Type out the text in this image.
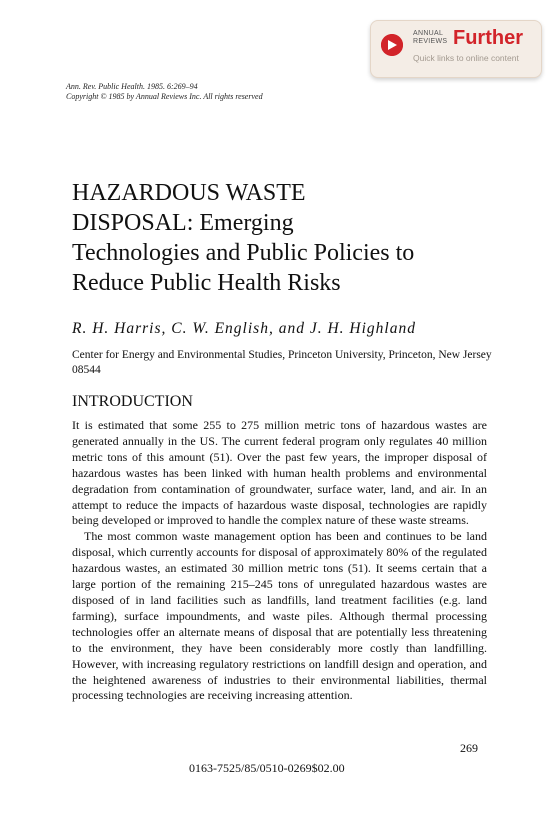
ANNUAL
REVIEWS Further
Quick links to online content
Ann. Rev. Public Health. 1985. 6:269–94
Copyright © 1985 by Annual Reviews Inc. All rights reserved
HAZARDOUS WASTE
DISPOSAL: Emerging
Technologies and Public Policies to
Reduce Public Health Risks
R. H. Harris, C. W. English, and J. H. Highland
Center for Energy and Environmental Studies, Princeton University, Princeton, New Jersey 08544
INTRODUCTION

It is estimated that some 255 to 275 million metric tons of hazardous wastes are generated annually in the US. The current federal program only regulates 40 million metric tons of this amount (51). Over the past few years, the improper disposal of hazardous wastes has been linked with human health problems and environmental degradation from contamination of groundwater, surface water, land, and air. In an attempt to reduce the impacts of hazardous waste disposal, technologies are rapidly being developed or improved to handle the complex nature of these waste streams.

The most common waste management option has been and continues to be land disposal, which currently accounts for disposal of approximately 80% of the regulated hazardous wastes, an estimated 30 million metric tons (51). It seems certain that a large portion of the remaining 215–245 tons of unregulated hazardous wastes are disposed of in land facilities such as landfills, land treatment facilities (e.g. land farming), surface impoundments, and waste piles. Although thermal processing technologies offer an alternate means of disposal that are potentially less threatening to the environment, they have been considerably more costly than landfilling. However, with increasing regulatory restrictions on landfill design and operation, and the heightened awareness of industries to their environmental liabilities, thermal processing technologies are receiving increasing attention.

269
0163-7525/85/0510-0269$02.00
